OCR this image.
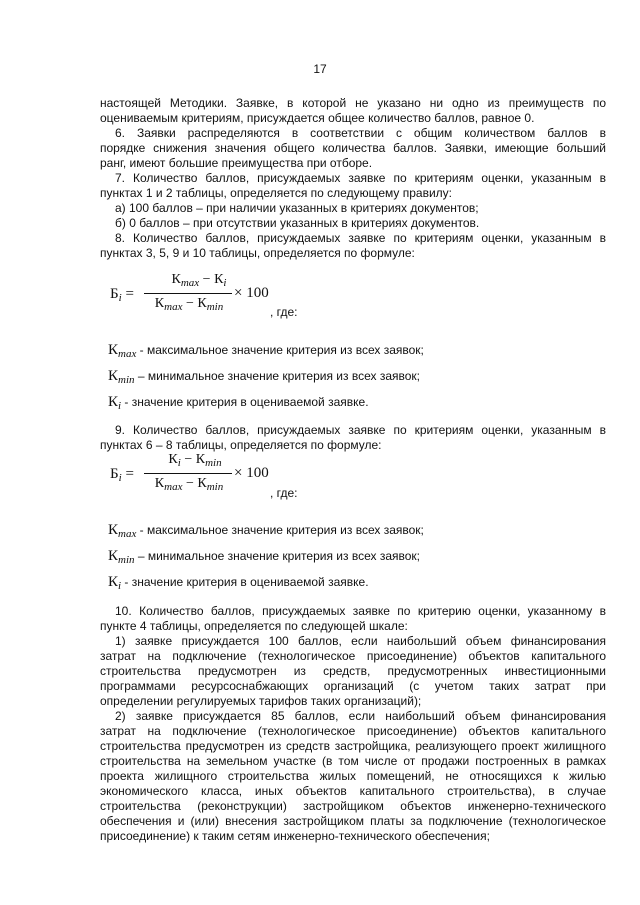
17
настоящей Методики. Заявке, в которой не указано ни одно из преимуществ по
оцениваемым критериям, присуждается общее количество баллов, равное 0.
6. Заявки распределяются в соответствии с общим количеством баллов в
порядке снижения значения общего количества баллов. Заявки, имеющие больший
ранг, имеют большие преимущества при отборе.
7. Количество баллов, присуждаемых заявке по критериям оценки, указанным в
пунктах 1 и 2 таблицы, определяется по следующему правилу:
а) 100 баллов – при наличии указанных в критериях документов;
б) 0 баллов – при отсутствии указанных в критериях документов.
8. Количество баллов, присуждаемых заявке по критериям оценки, указанным в
пунктах 3, 5, 9 и 10 таблицы, определяется по формуле:
$Б_i$ =
$К_{max} - К_i$
$К_{max} - К_{min}$
× 100
, где:
$К_{max}$ - максимальное значение критерия из всех заявок;
$К_{min}$ – минимальное значение критерия из всех заявок;
$К_i$ - значение критерия в оцениваемой заявке.
9. Количество баллов, присуждаемых заявке по критериям оценки, указанным в
пунктах 6 – 8 таблицы, определяется по формуле:
$Б_i$ =
$К_i - К_{min}$
$К_{max} - К_{min}$
× 100
, где:
$К_{max}$ - максимальное значение критерия из всех заявок;
$К_{min}$ – минимальное значение критерия из всех заявок;
$К_i$ - значение критерия в оцениваемой заявке.
10. Количество баллов, присуждаемых заявке по критерию оценки, указанному в
пункте 4 таблицы, определяется по следующей шкале:
1) заявке присуждается 100 баллов, если наибольший объем финансирования
затрат на подключение (технологическое присоединение) объектов капитального
строительства предусмотрен из средств, предусмотренных инвестиционными
программами ресурсоснабжающих организаций (с учетом таких затрат при
определении регулируемых тарифов таких организаций);
2) заявке присуждается 85 баллов, если наибольший объем финансирования
затрат на подключение (технологическое присоединение) объектов капитального
строительства предусмотрен из средств застройщика, реализующего проект жилищного
строительства на земельном участке (в том числе от продажи построенных в рамках
проекта жилищного строительства жилых помещений, не относящихся к жилью
экономического класса, иных объектов капитального строительства), в случае
строительства (реконструкции) застройщиком объектов инженерно-технического
обеспечения и (или) внесения застройщиком платы за подключение (технологическое
присоединение) к таким сетям инженерно-технического обеспечения;
